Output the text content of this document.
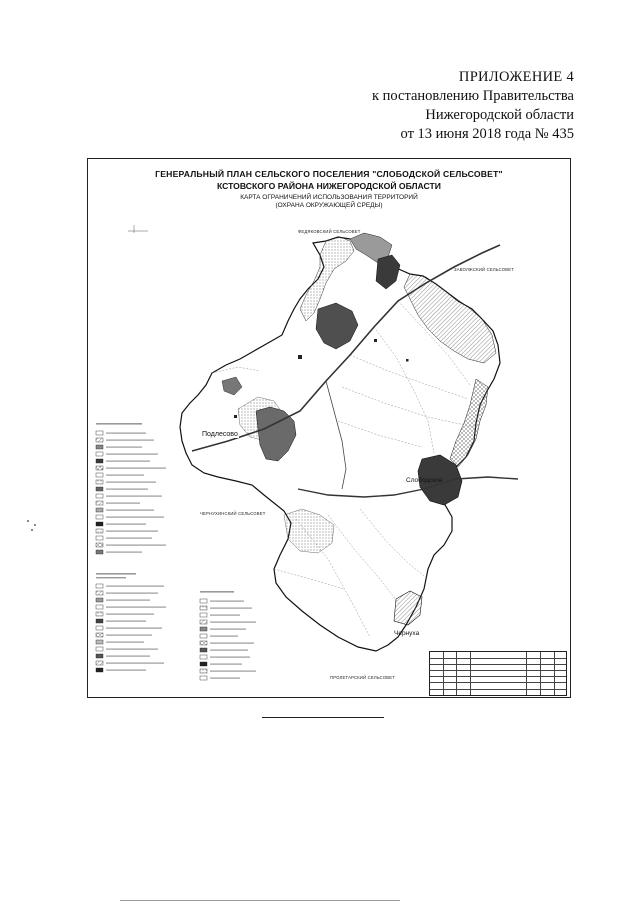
ПРИЛОЖЕНИЕ 4
к постановлению Правительства
Нижегородской области
от 13 июня 2018 года № 435
ГЕНЕРАЛЬНЫЙ ПЛАН СЕЛЬСКОГО ПОСЕЛЕНИЯ "СЛОБОДСКОЙ СЕЛЬСОВЕТ"
КСТОВСКОГО РАЙОНА НИЖЕГОРОДСКОЙ ОБЛАСТИ
КАРТА ОГРАНИЧЕНИЙ ИСПОЛЬЗОВАНИЯ ТЕРРИТОРИЙ
(ОХРАНА ОКРУЖАЮЩЕЙ СРЕДЫ)
Подлесово
Слободское
Чернуха
ФЕДЯКОВСКИЙ СЕЛЬСОВЕТ
ЗАВОЛЖСКИЙ СЕЛЬСОВЕТ
ЧЕРНУХИНСКИЙ СЕЛЬСОВЕТ
ПРОЛЕТАРСКИЙ СЕЛЬСОВЕТ
